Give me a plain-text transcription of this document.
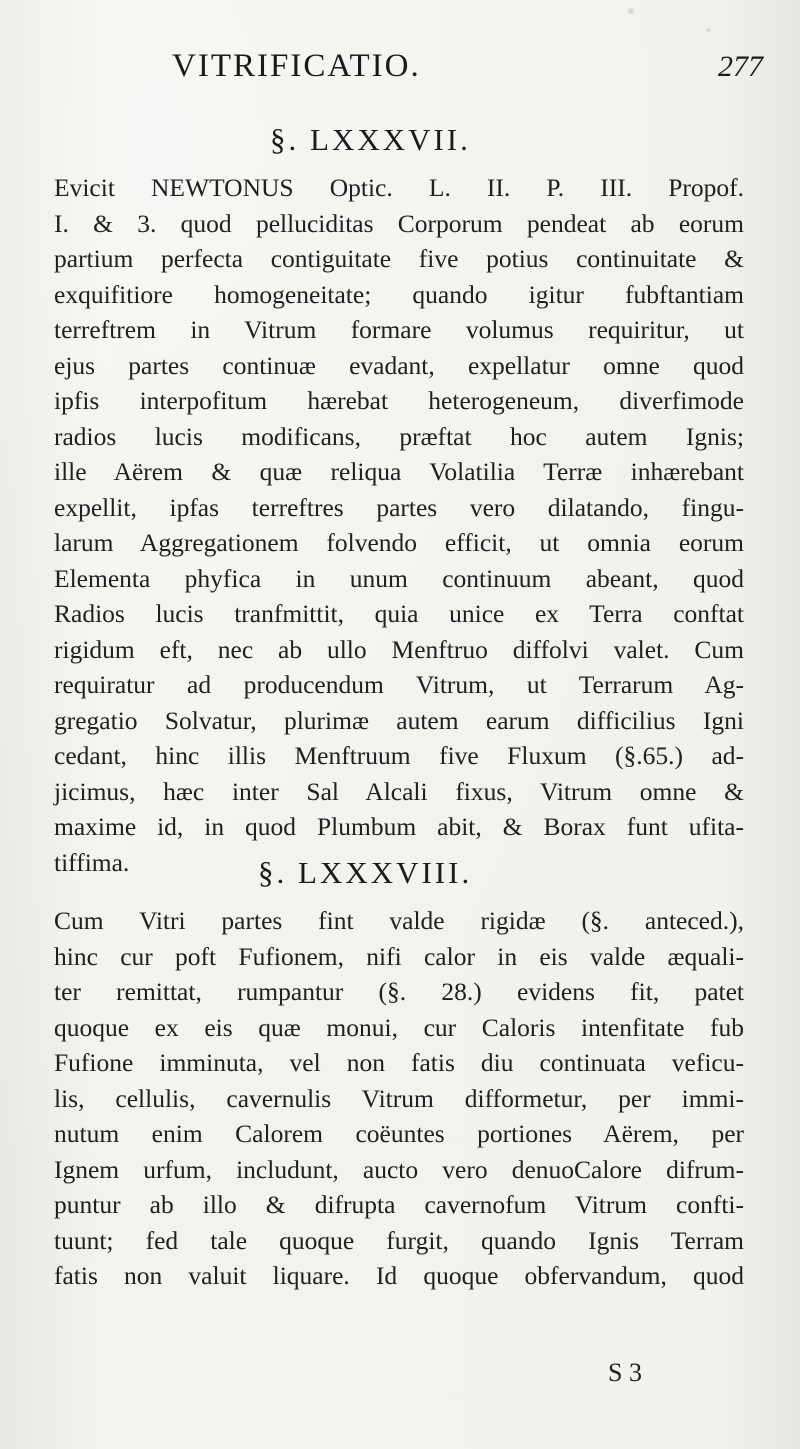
VITRIFICATIO.	277
§. LXXXVII.
Evicit NEWTONUS Optic. L. II. P. III. Propof.
I. & 3. quod pelluciditas Corporum pendeat ab eorum
partium perfecta contiguitate five potius continuitate &
exquifitiore homogeneitate; quando igitur fubftantiam
terreftrem in Vitrum formare volumus requiritur, ut
ejus partes continuæ evadant, expellatur omne quod
ipfis interpofitum hærebat heterogeneum, diverfimode
radios lucis modificans, præftat hoc autem Ignis;
ille Aërem & quæ reliqua Volatilia Terræ inhærebant
expellit, ipfas terreftres partes vero dilatando, fingu-
larum Aggregationem folvendo efficit, ut omnia eorum
Elementa phyfica in unum continuum abeant, quod
Radios lucis tranfmittit, quia unice ex Terra conftat
rigidum eft, nec ab ullo Menftruo diffolvi valet. Cum
requiratur ad producendum Vitrum, ut Terrarum Ag-
gregatio Solvatur, plurimæ autem earum difficilius Igni
cedant, hinc illis Menftruum five Fluxum (§.65.) ad-
jicimus, hæc inter Sal Alcali fixus, Vitrum omne &
maxime id, in quod Plumbum abit, & Borax funt ufita-
tiffima.	§. LXXXVIII.
Cum Vitri partes fint valde rigidæ (§. anteced.),
hinc cur poft Fufionem, nifi calor in eis valde æquali-
ter remittat, rumpantur (§. 28.) evidens fit, patet
quoque ex eis quæ monui, cur Caloris intenfitate fub
Fufione imminuta, vel non fatis diu continuata veficu-
lis, cellulis, cavernulis Vitrum difformetur, per immi-
nutum enim Calorem coëuntes portiones Aërem, per
Ignem urfum, includunt, aucto vero denuoCalore difrum-
puntur ab illo & difrupta cavernofum Vitrum confti-
tuunt; fed tale quoque furgit, quando Ignis Terram
fatis non valuit liquare. Id quoque obfervandum, quod
S 3
